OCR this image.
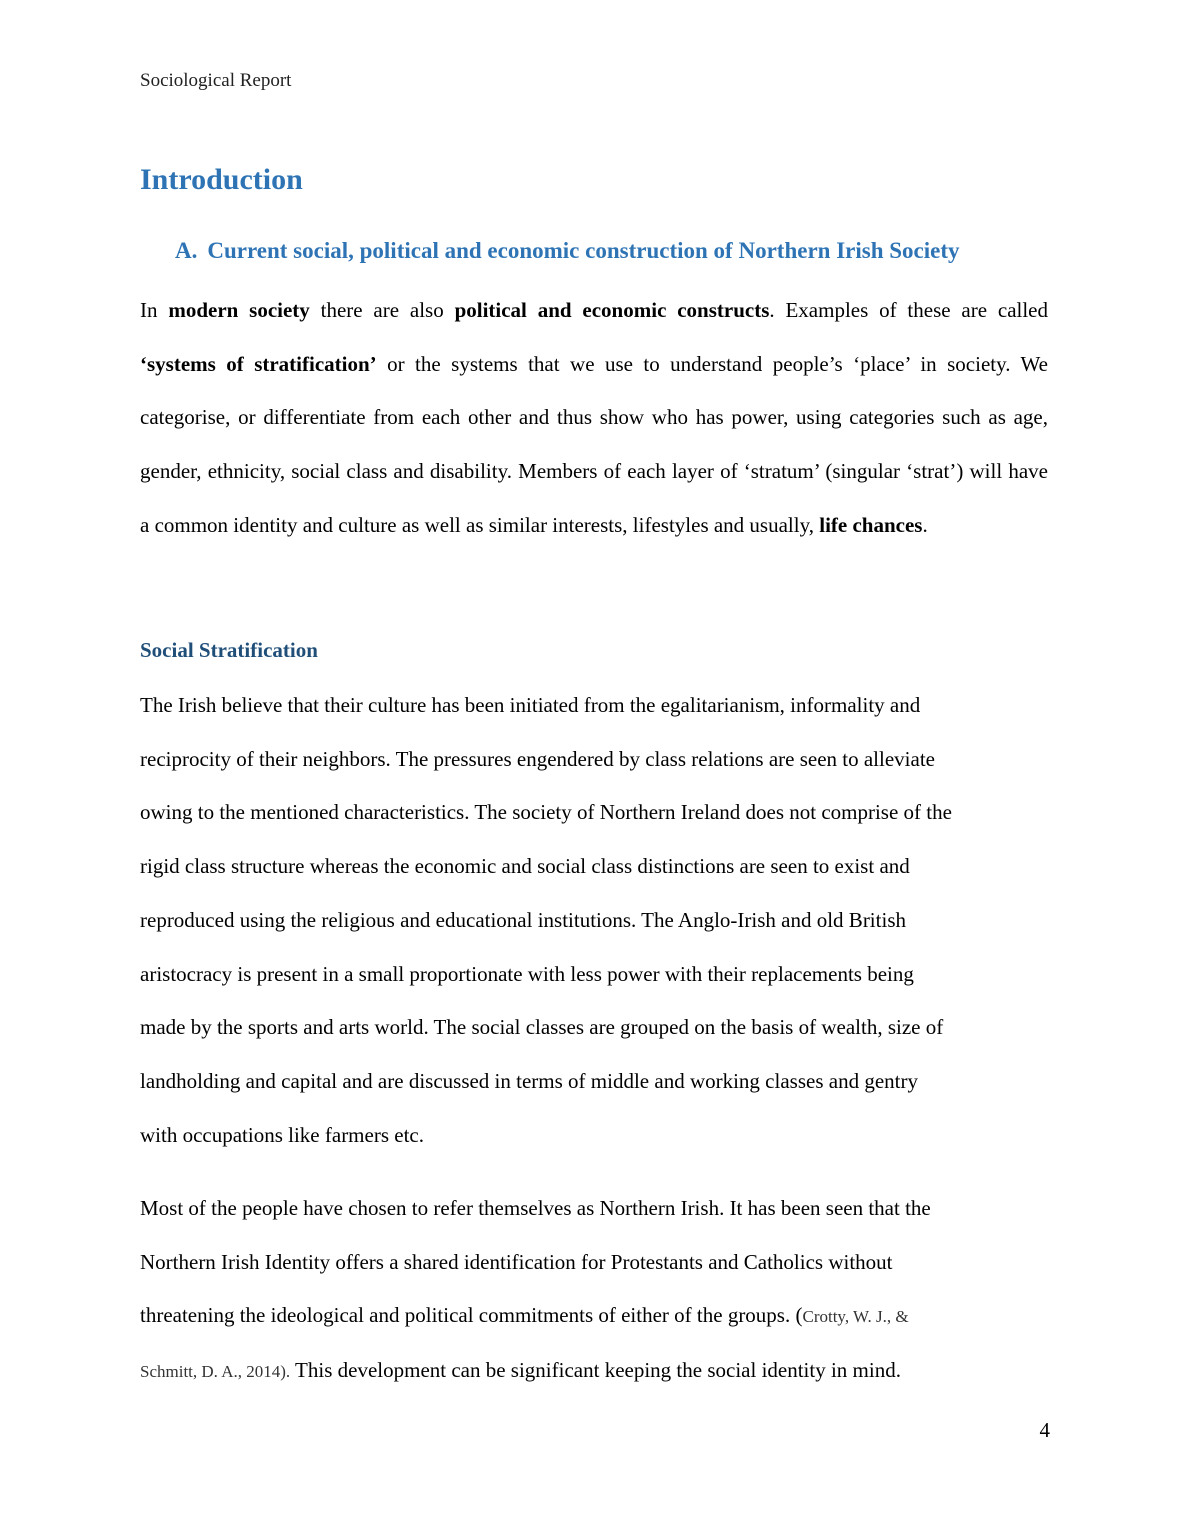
Sociological Report
Introduction
A. Current social, political and economic construction of Northern Irish Society

In modern society there are also political and economic constructs. Examples of these are called ‘systems of stratification’ or the systems that we use to understand people’s ‘place’ in society. We categorise, or differentiate from each other and thus show who has power, using categories such as age, gender, ethnicity, social class and disability. Members of each layer of ‘stratum’ (singular ‘strat’) will have a common identity and culture as well as similar interests, lifestyles and usually, life chances.

Social Stratification

The Irish believe that their culture has been initiated from the egalitarianism, informality and
reciprocity of their neighbors. The pressures engendered by class relations are seen to alleviate
owing to the mentioned characteristics. The society of Northern Ireland does not comprise of the
rigid class structure whereas the economic and social class distinctions are seen to exist and
reproduced using the religious and educational institutions. The Anglo-Irish and old British
aristocracy is present in a small proportionate with less power with their replacements being
made by the sports and arts world. The social classes are grouped on the basis of wealth, size of
landholding and capital and are discussed in terms of middle and working classes and gentry
with occupations like farmers etc.

Most of the people have chosen to refer themselves as Northern Irish. It has been seen that the
Northern Irish Identity offers a shared identification for Protestants and Catholics without
threatening the ideological and political commitments of either of the groups. (Crotty, W. J., &
Schmitt, D. A., 2014). This development can be significant keeping the social identity in mind.

4
